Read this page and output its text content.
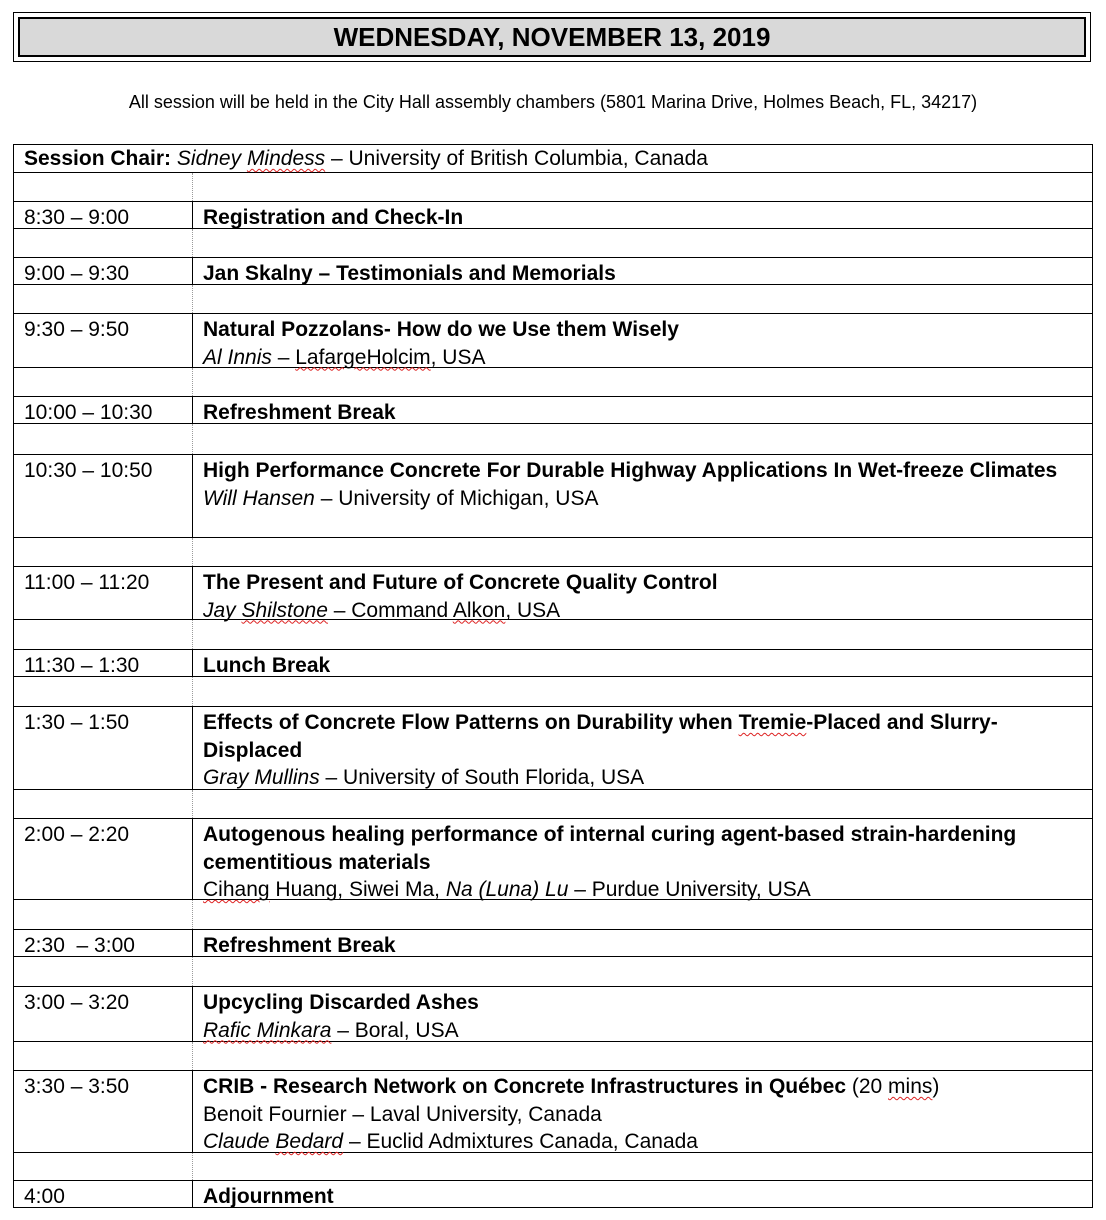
WEDNESDAY, NOVEMBER 13, 2019
All session will be held in the City Hall assembly chambers (5801 Marina Drive, Holmes Beach, FL, 34217)
Session Chair: Sidney Mindess – University of British Columbia, Canada
8:30 – 9:00	Registration and Check-In
9:00 – 9:30	Jan Skalny – Testimonials and Memorials
9:30 – 9:50	Natural Pozzolans- How do we Use them Wisely
Al Innis – LafargeHolcim, USA
10:00 – 10:30 Refreshment Break
10:30 – 10:50 High Performance Concrete For Durable Highway Applications In Wet-freeze Climates
Will Hansen – University of Michigan, USA
11:00 – 11:20	The Present and Future of Concrete Quality Control
Jay Shilstone – Command Alkon, USA
11:30 – 1:30	Lunch Break
1:30 – 1:50	Effects of Concrete Flow Patterns on Durability when Tremie-Placed and Slurry-Displaced
Gray Mullins – University of South Florida, USA
2:00 – 2:20	Autogenous healing performance of internal curing agent-based strain-hardening cementitious materials
Cihang Huang, Siwei Ma, Na (Luna) Lu – Purdue University, USA
2:30  – 3:00	Refreshment Break
3:00 – 3:20	Upcycling Discarded Ashes
Rafic Minkara – Boral, USA
3:30 – 3:50	CRIB - Research Network on Concrete Infrastructures in Québec (20 mins)
Benoit Fournier – Laval University, Canada
Claude Bedard – Euclid Admixtures Canada, Canada
4:00	Adjournment
